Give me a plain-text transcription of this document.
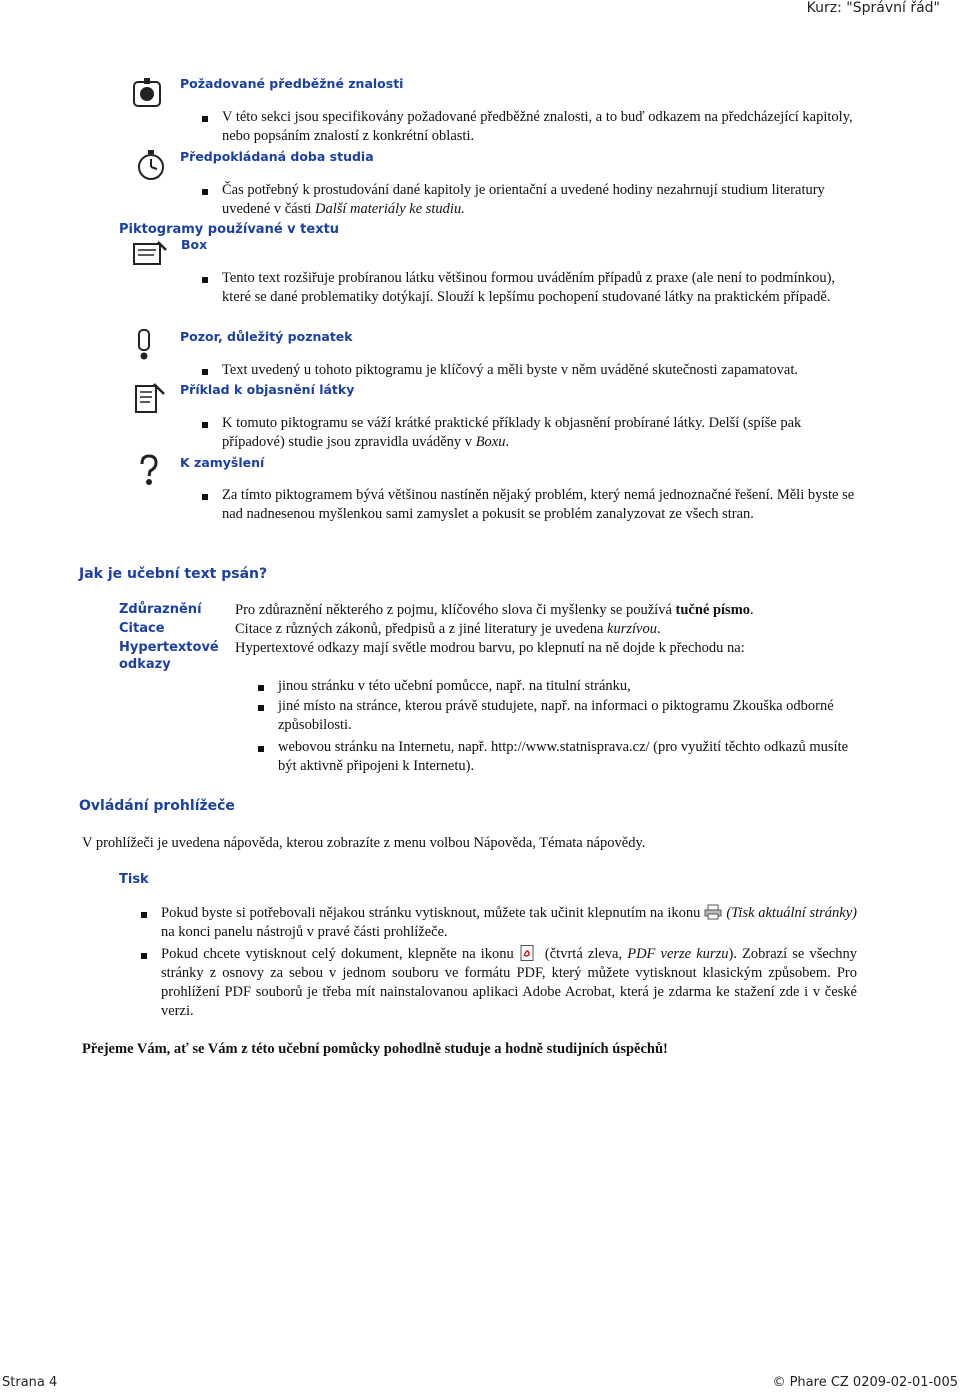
Kurz: "Správní řád"
Požadované předběžné znalosti
V této sekci jsou specifikovány požadované předběžné znalosti, a to buď odkazem na předcházející kapitoly, nebo popsáním znalostí z konkrétní oblasti.
Předpokládaná doba studia
Čas potřebný k prostudování dané kapitoly je orientační a uvedené hodiny nezahrnují studium literatury uvedené v části Další materiály ke studiu.
Piktogramy používané v textu
Box
Tento text rozšiřuje probíranou látku většinou formou uváděním případů z praxe (ale není to podmínkou), které se dané problematiky dotýkají. Slouží k lepšímu pochopení studované látky na praktickém případě.
Pozor, důležitý poznatek
Text uvedený u tohoto piktogramu je klíčový a měli byste v něm uváděné skutečnosti zapamatovat.
Příklad k objasnění látky
K tomuto piktogramu se váží krátké praktické příklady k objasnění probírané látky. Delší (spíše pak případové) studie jsou zpravidla uváděny v Boxu.
K zamyšlení
Za tímto piktogramem bývá většinou nastíněn nějaký problém, který nemá jednoznačné řešení. Měli byste se nad nadnesenou myšlenkou sami zamyslet a pokusit se problém zanalyzovat ze všech stran.
Jak je učební text psán?
Zdůraznění
Citace
Hypertextové odkazy
Pro zdůraznění některého z pojmu, klíčového slova či myšlenky se používá tučné písmo.
Citace z různých zákonů, předpisů a z jiné literatury je uvedena kurzívou.
Hypertextové odkazy mají světle modrou barvu, po klepnutí na ně dojde k přechodu na:
jinou stránku v této učební pomůcce, např. na titulní stránku,
jiné místo na stránce, kterou právě studujete, např. na informaci o piktogramu Zkouška odborné způsobilosti.
webovou stránku na Internetu, např. http://www.statnisprava.cz/ (pro využití těchto odkazů musíte být aktivně připojeni k Internetu).
Ovládání prohlížeče
V prohlížeči je uvedena nápověda, kterou zobrazíte z menu volbou Nápověda, Témata nápovědy.
Tisk
Pokud byste si potřebovali nějakou stránku vytisknout, můžete tak učinit klepnutím na ikonu (Tisk aktuální stránky) na konci panelu nástrojů v pravé části prohlížeče.
Pokud chcete vytisknout celý dokument, klepněte na ikonu (čtvrtá zleva, PDF verze kurzu). Zobrazí se všechny stránky z osnovy za sebou v jednom souboru ve formátu PDF, který můžete vytisknout klasickým způsobem. Pro prohlížení PDF souborů je třeba mít nainstalovanou aplikaci Adobe Acrobat, která je zdarma ke stažení zde i v české verzi.
Přejeme Vám, ať se Vám z této učební pomůcky pohodlně studuje a hodně studijních úspěchů!
Strana 4	© Phare CZ 0209-02-01-005
